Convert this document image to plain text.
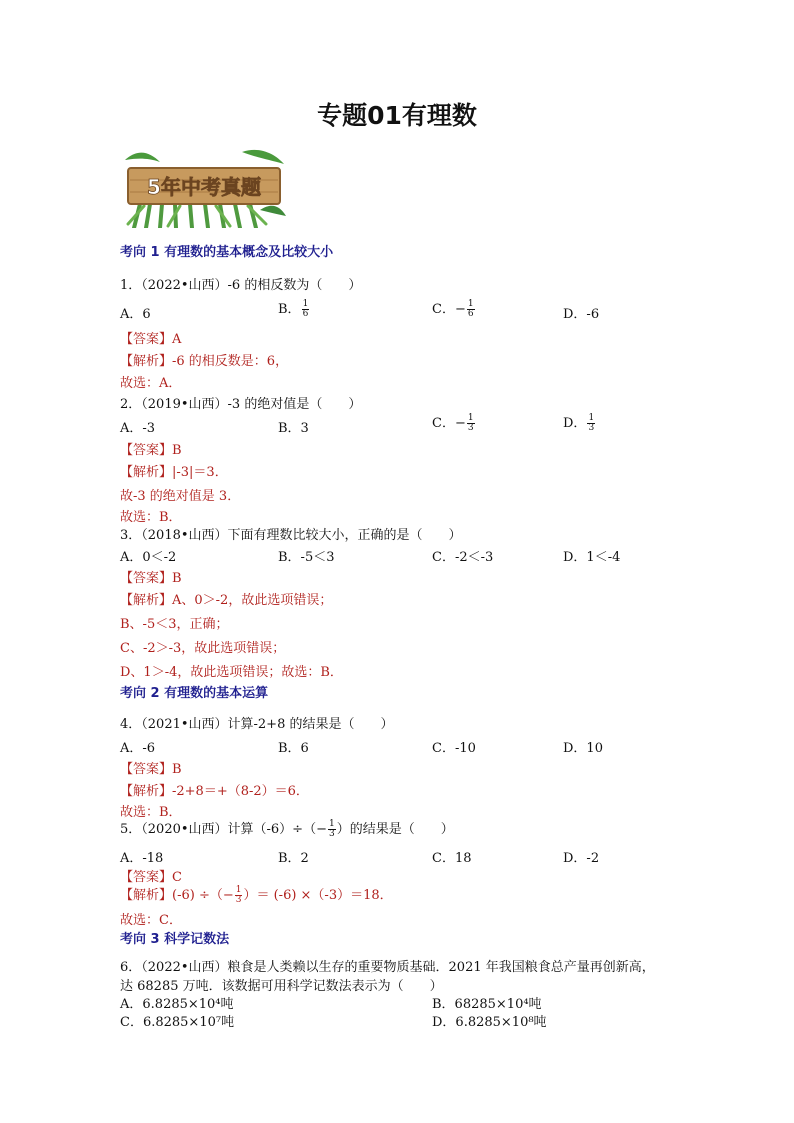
专题01有理数
5年中考真题
考向 1 有理数的基本概念及比较大小
1．（2022•山西）-6 的相反数为（　　）
A．6	B． $\frac{1}{6}$	C．− $\frac{1}{6}$	D．-6
【答案】A
【解析】-6 的相反数是：6，
故选：A．
2．（2019•山西）-3 的绝对值是（　　）
A．-3	B．3	C．− $\frac{1}{3}$	D． $\frac{1}{3}$
【答案】B
【解析】|-3|＝3．
故-3 的绝对值是 3．
故选：B．
3．（2018•山西）下面有理数比较大小，正确的是（　　）
A．0＜-2	B．-5＜3	C．-2＜-3	D．1＜-4
【答案】B
【解析】A、0＞-2，故此选项错误；
B、-5＜3，正确；
C、-2＞-3，故此选项错误；
D、1＞-4，故此选项错误；故选：B．
考向 2 有理数的基本运算
4．（2021•山西）计算-2+8 的结果是（　　）
A．-6	B．6	C．-10	D．10
【答案】B
【解析】-2+8＝+（8-2）＝6．
故选：B．
5．（2020•山西）计算$(-6)\div(- \frac{1}{3}$ ）的结果是（　　）
A．-18	B．2	C．18	D．-2
【答案】C
【解析】(-6) ÷（− $\frac{1}{3}$ ）＝ (-6) ×（-3）＝18．
故选：C．
考向 3 科学记数法
6．（2022•山西）粮食是人类赖以生存的重要物质基础．2021 年我国粮食总产量再创新高，
达 68285 万吨．该数据可用科学记数法表示为（　　）
A．6.8285×10⁴吨	B．68285×10⁴吨
C．6.8285×10⁷吨	D．6.8285×10⁸吨
